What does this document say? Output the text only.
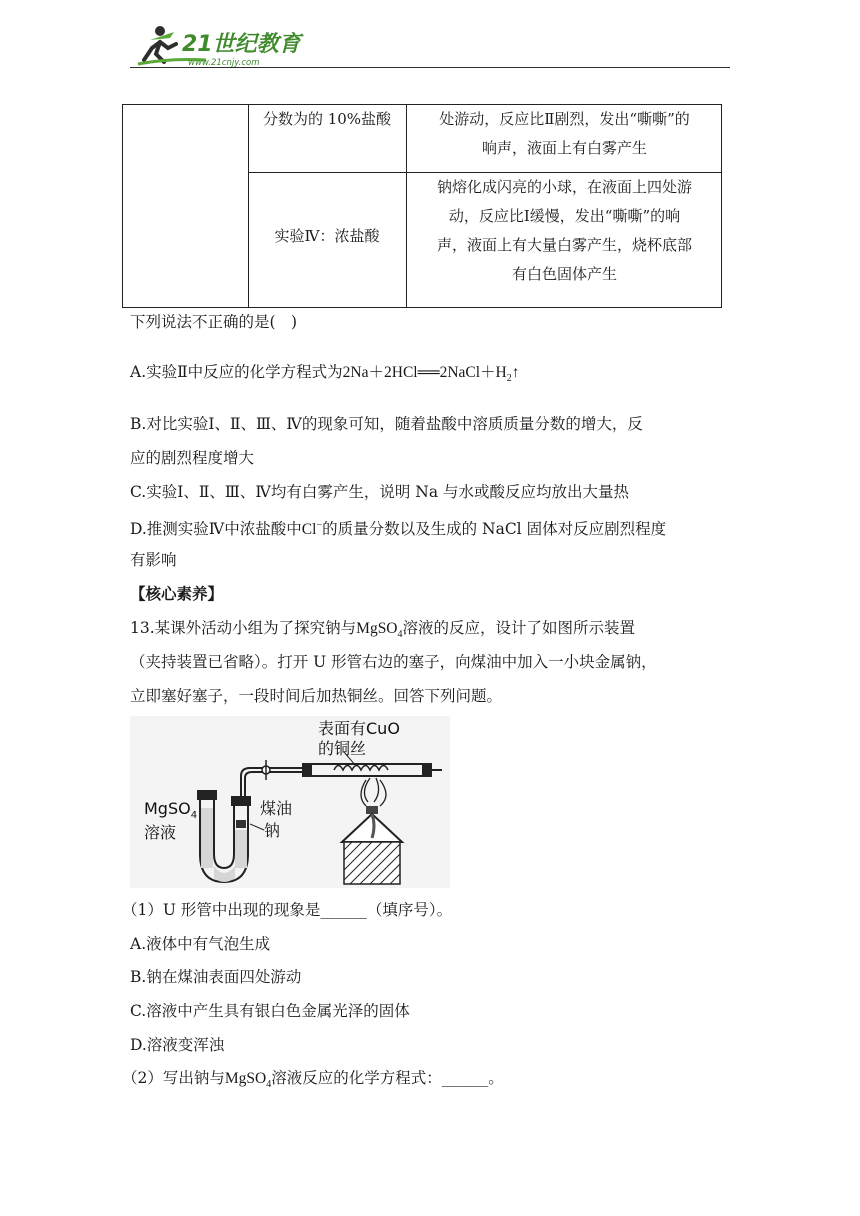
21世纪教育
www.21cnjy.com
分数为的 10%盐酸	处游动，反应比Ⅱ剧烈，发出“嘶嘶”的
响声，液面上有白雾产生
实验Ⅳ：浓盐酸
钠熔化成闪亮的小球，在液面上四处游
动，反应比Ⅰ缓慢，发出“嘶嘶”的响
声，液面上有大量白雾产生，烧杯底部
有白色固体产生
下列说法不正确的是(　)
A.实验Ⅱ中反应的化学方程式为$2Na+2HCl══2NaCl+H_2↑$
B.对比实验Ⅰ、Ⅱ、Ⅲ、Ⅳ的现象可知，随着盐酸中溶质质量分数的增大，反
应的剧烈程度增大
C.实验Ⅰ、Ⅱ、Ⅲ、Ⅳ均有白雾产生，说明 Na 与水或酸反应均放出大量热
D.推测实验Ⅳ中浓盐酸中Cl−的质量分数以及生成的 NaCl 固体对反应剧烈程度
有影响
【核心素养】
13.某课外活动小组为了探究钠与MgSO$_4$溶液的反应，设计了如图所示装置
（夹持装置已省略）。打开 U 形管右边的塞子，向煤油中加入一小块金属钠，
立即塞好塞子，一段时间后加热铜丝。回答下列问题。
表面有CuO
的铜丝
MgSO$_4$
溶液
煤油
钠
（1）U 形管中出现的现象是______（填序号）。
A.液体中有气泡生成
B.钠在煤油表面四处游动
C.溶液中产生具有银白色金属光泽的固体
D.溶液变浑浊
（2）写出钠与MgSO$_4$溶液反应的化学方程式：______。
